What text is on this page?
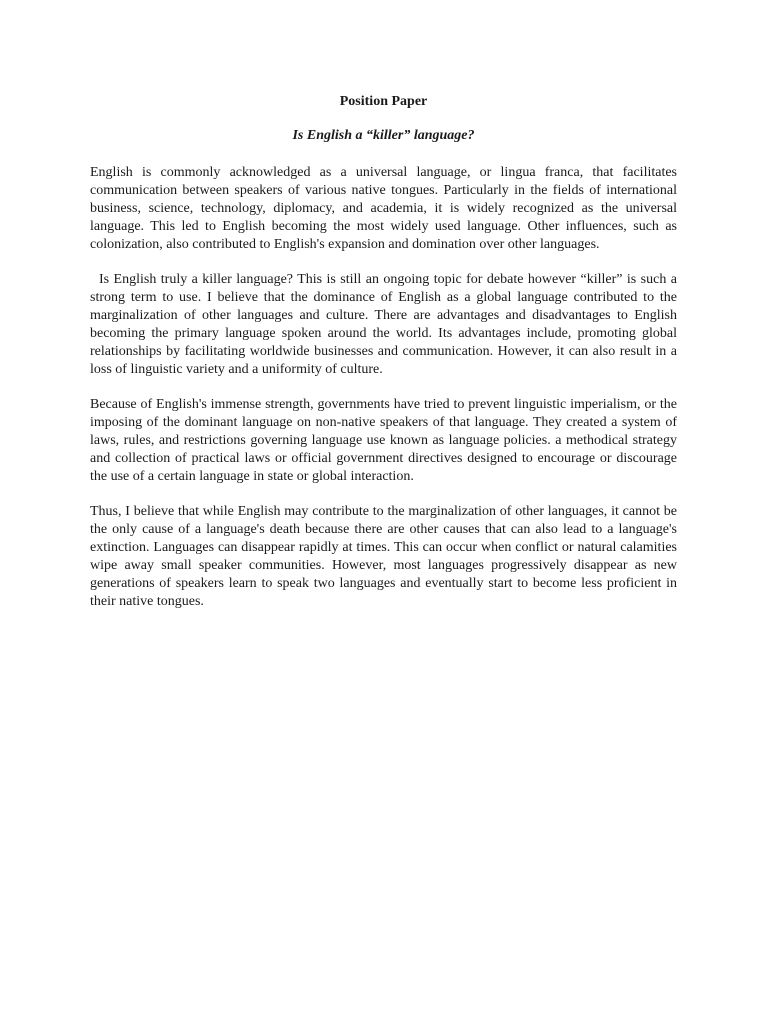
Position Paper
Is English a “killer” language?

English is commonly acknowledged as a universal language, or lingua franca, that facilitates communication between speakers of various native tongues. Particularly in the fields of international business, science, technology, diplomacy, and academia, it is widely recognized as the universal language. This led to English becoming the most widely used language. Other influences, such as colonization, also contributed to English's expansion and domination over other languages.

Is English truly a killer language? This is still an ongoing topic for debate however “killer” is such a strong term to use. I believe that the dominance of English as a global language contributed to the marginalization of other languages and culture. There are advantages and disadvantages to English becoming the primary language spoken around the world. Its advantages include, promoting global relationships by facilitating worldwide businesses and communication. However, it can also result in a loss of linguistic variety and a uniformity of culture.

Because of English's immense strength, governments have tried to prevent linguistic imperialism, or the imposing of the dominant language on non-native speakers of that language. They created a system of laws, rules, and restrictions governing language use known as language policies. a methodical strategy and collection of practical laws or official government directives designed to encourage or discourage the use of a certain language in state or global interaction.

Thus, I believe that while English may contribute to the marginalization of other languages, it cannot be the only cause of a language's death because there are other causes that can also lead to a language's extinction. Languages can disappear rapidly at times. This can occur when conflict or natural calamities wipe away small speaker communities. However, most languages progressively disappear as new generations of speakers learn to speak two languages and eventually start to become less proficient in their native tongues.
